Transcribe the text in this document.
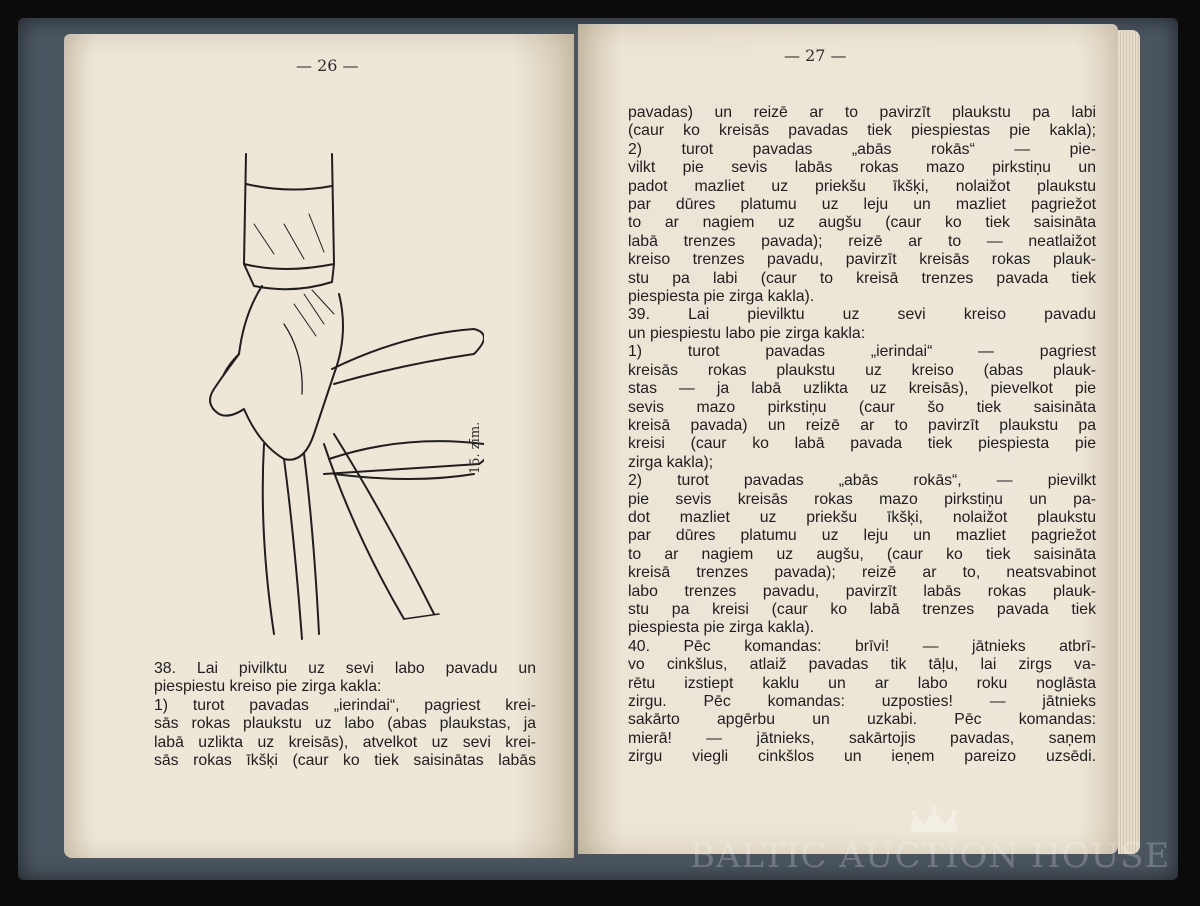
— 26 —
15. zīm.
38. Lai pivilktu uz sevi labo pavadu un
piespiestu kreiso pie zirga kakla:
1) turot pavadas „ierindai“, pagriest krei-
sās rokas plaukstu uz labo (abas plaukstas, ja
labā uzlikta uz kreisās), atvelkot uz sevi krei-
sās rokas īkšķi (caur ko tiek saisinātas labās
— 27 —
pavadas) un reizē ar to pavirzīt plaukstu pa labi
(caur ko kreisās pavadas tiek piespiestas pie kakla);
2) turot pavadas „abās rokās“ — pie-
vilkt pie sevis labās rokas mazo pirkstiņu un
padot mazliet uz priekšu īkšķi, nolaižot plaukstu
par dūres platumu uz leju un mazliet pagriežot
to ar nagiem uz augšu (caur ko tiek saisināta
labā trenzes pavada); reizē ar to — neatlaižot
kreiso trenzes pavadu, pavirzīt kreisās rokas plauk-
stu pa labi (caur to kreisā trenzes pavada tiek
piespiesta pie zirga kakla).
39. Lai pievilktu uz sevi kreiso pavadu
un piespiestu labo pie zirga kakla:
1) turot pavadas „ierindai“ — pagriest
kreisās rokas plaukstu uz kreiso (abas plauk-
stas — ja labā uzlikta uz kreisās), pievelkot pie
sevis mazo pirkstiņu (caur šo tiek saisināta
kreisā pavada) un reizē ar to pavirzīt plaukstu pa
kreisi (caur ko labā pavada tiek piespiesta pie
zirga kakla);
2) turot pavadas „abās rokās“, — pievilkt
pie sevis kreisās rokas mazo pirkstiņu un pa-
dot mazliet uz priekšu īkšķi, nolaižot plaukstu
par dūres platumu uz leju un mazliet pagriežot
to ar nagiem uz augšu, (caur ko tiek saisināta
kreisā trenzes pavada); reizē ar to, neatsvabinot
labo trenzes pavadu, pavirzīt labās rokas plauk-
stu pa kreisi (caur ko labā trenzes pavada tiek
piespiesta pie zirga kakla).
40. Pēc komandas: brīvi! — jātnieks atbrī-
vo cinkšlus, atlaiž pavadas tik tāļu, lai zirgs va-
rētu izstiept kaklu un ar labo roku noglāsta
zirgu. Pēc komandas: uzposties! — jātnieks
sakārto apgērbu un uzkabi. Pēc komandas:
mierā! — jātnieks, sakārtojis pavadas, saņem
zirgu viegli cinkšlos un ieņem pareizo uzsēdi.
BALTIC AUCTION HOUSE
